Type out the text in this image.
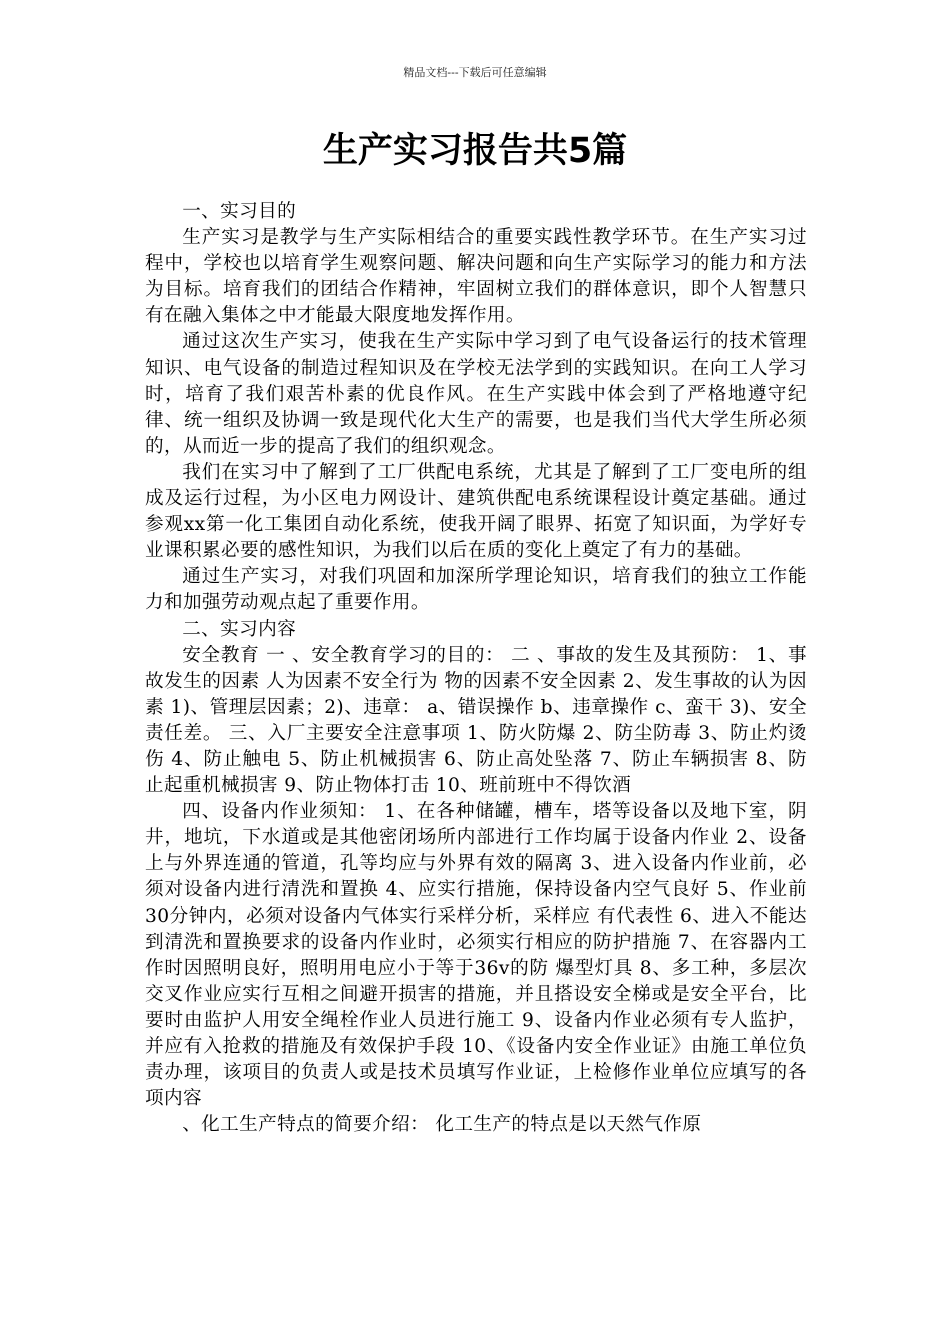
精品文档---下载后可任意编辑
生产实习报告共5篇

一、实习目的

生产实习是教学与生产实际相结合的重要实践性教学环节。在生产实习过程中，学校也以培育学生观察问题、解决问题和向生产实际学习的能力和方法为目标。培育我们的团结合作精神，牢固树立我们的群体意识，即个人智慧只有在融入集体之中才能最大限度地发挥作用。

通过这次生产实习，使我在生产实际中学习到了电气设备运行的技术管理知识、电气设备的制造过程知识及在学校无法学到的实践知识。在向工人学习时，培育了我们艰苦朴素的优良作风。在生产实践中体会到了严格地遵守纪律、统一组织及协调一致是现代化大生产的需要，也是我们当代大学生所必须的，从而近一步的提高了我们的组织观念。

我们在实习中了解到了工厂供配电系统，尤其是了解到了工厂变电所的组成及运行过程，为小区电力网设计、建筑供配电系统课程设计奠定基础。通过参观xx第一化工集团自动化系统，使我开阔了眼界、拓宽了知识面，为学好专业课积累必要的感性知识，为我们以后在质的变化上奠定了有力的基础。

通过生产实习，对我们巩固和加深所学理论知识，培育我们的独立工作能力和加强劳动观点起了重要作用。

二、实习内容

安全教育 一 、安全教育学习的目的： 二 、事故的发生及其预防： 1、事故发生的因素 人为因素不安全行为 物的因素不安全因素 2、发生事故的认为因素 1)、管理层因素；2)、违章： a、错误操作 b、违章操作 c、蛮干 3)、安全责任差。 三、入厂主要安全注意事项 1、防火防爆 2、防尘防毒 3、防止灼烫伤 4、防止触电 5、防止机械损害 6、防止高处坠落 7、防止车辆损害 8、防止起重机械损害 9、防止物体打击 10、班前班中不得饮酒

四、设备内作业须知： 1、在各种储罐，槽车，塔等设备以及地下室，阴井，地坑，下水道或是其他密闭场所内部进行工作均属于设备内作业 2、设备上与外界连通的管道，孔等均应与外界有效的隔离 3、进入设备内作业前，必须对设备内进行清洗和置换 4、应实行措施，保持设备内空气良好 5、作业前30分钟内，必须对设备内气体实行采样分析，采样应 有代表性 6、进入不能达到清洗和置换要求的设备内作业时，必须实行相应的防护措施 7、在容器内工作时因照明良好，照明用电应小于等于36v的防 爆型灯具 8、多工种，多层次交叉作业应实行互相之间避开损害的措施，并且搭设安全梯或是安全平台，比要时由监护人用安全绳栓作业人员进行施工 9、设备内作业必须有专人监护，并应有入抢救的措施及有效保护手段 10、《设备内安全作业证》由施工单位负责办理，该项目的负责人或是技术员填写作业证，上检修作业单位应填写的各项内容

、化工生产特点的简要介绍： 化工生产的特点是以天然气作原
